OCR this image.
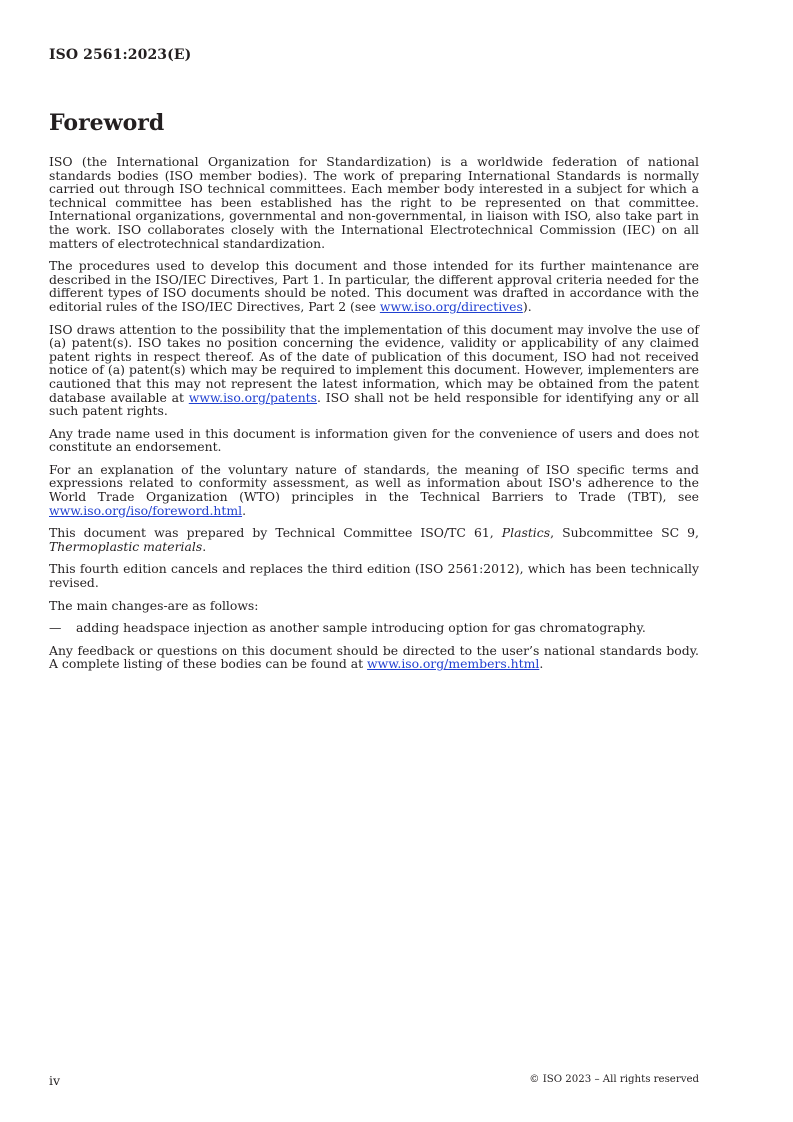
ISO 2561:2023(E)
Foreword

ISO (the International Organization for Standardization) is a worldwide federation of national standards bodies (ISO member bodies). The work of preparing International Standards is normally carried out through ISO technical committees. Each member body interested in a subject for which a technical committee has been established has the right to be represented on that committee. International organizations, governmental and non-governmental, in liaison with ISO, also take part in the work. ISO collaborates closely with the International Electrotechnical Commission (IEC) on all matters of electrotechnical standardization.

The procedures used to develop this document and those intended for its further maintenance are described in the ISO/IEC Directives, Part 1. In particular, the different approval criteria needed for the different types of ISO documents should be noted. This document was drafted in accordance with the editorial rules of the ISO/IEC Directives, Part 2 (see www.iso.org/directives).

ISO draws attention to the possibility that the implementation of this document may involve the use of (a) patent(s). ISO takes no position concerning the evidence, validity or applicability of any claimed patent rights in respect thereof. As of the date of publication of this document, ISO had not received notice of (a) patent(s) which may be required to implement this document. However, implementers are cautioned that this may not represent the latest information, which may be obtained from the patent database available at www.iso.org/patents. ISO shall not be held responsible for identifying any or all such patent rights.

Any trade name used in this document is information given for the convenience of users and does not constitute an endorsement.

For an explanation of the voluntary nature of standards, the meaning of ISO specific terms and expressions related to conformity assessment, as well as information about ISO's adherence to the World Trade Organization (WTO) principles in the Technical Barriers to Trade (TBT), see www.iso.org/iso/foreword.html.

This document was prepared by Technical Committee ISO/TC 61, Plastics, Subcommittee SC 9, Thermoplastic materials.

This fourth edition cancels and replaces the third edition (ISO 2561:2012), which has been technically revised.

The main changes-are as follows:

—	adding headspace injection as another sample introducing option for gas chromatography.

Any feedback or questions on this document should be directed to the user’s national standards body. A complete listing of these bodies can be found at www.iso.org/members.html.

iv	© ISO 2023 – All rights reserved
